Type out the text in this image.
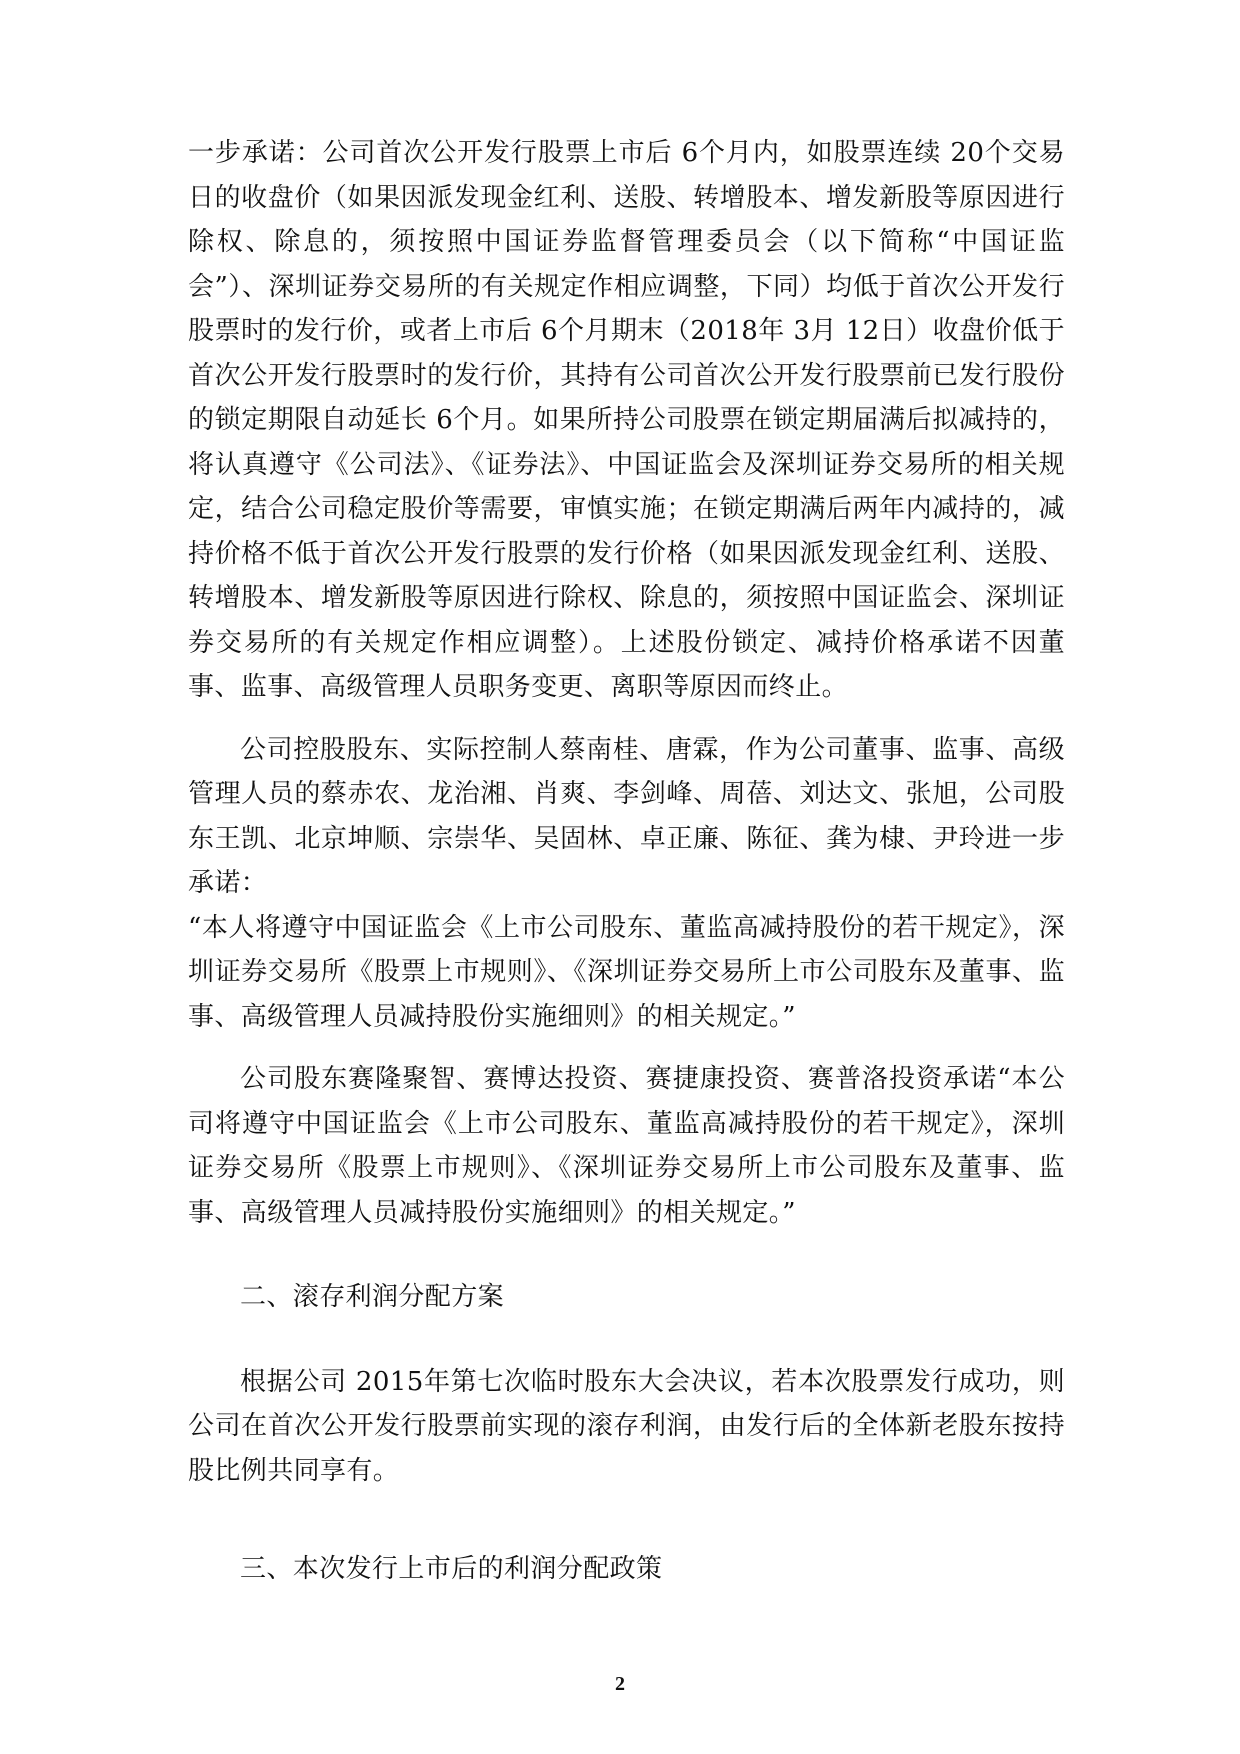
一步承诺：公司首次公开发行股票上市后 6个月内，如股票连续 20个交易日的收盘价（如果因派发现金红利、送股、转增股本、增发新股等原因进行除权、除息的，须按照中国证券监督管理委员会（以下简称“中国证监会”）、深圳证券交易所的有关规定作相应调整，下同）均低于首次公开发行股票时的发行价，或者上市后 6个月期末（2018年 3月 12日）收盘价低于首次公开发行股票时的发行价，其持有公司首次公开发行股票前已发行股份的锁定期限自动延长 6个月。如果所持公司股票在锁定期届满后拟减持的，将认真遵守《公司法》、《证券法》、中国证监会及深圳证券交易所的相关规定，结合公司稳定股价等需要，审慎实施；在锁定期满后两年内减持的，减持价格不低于首次公开发行股票的发行价格（如果因派发现金红利、送股、转增股本、增发新股等原因进行除权、除息的，须按照中国证监会、深圳证券交易所的有关规定作相应调整）。上述股份锁定、减持价格承诺不因董事、监事、高级管理人员职务变更、离职等原因而终止。

公司控股股东、实际控制人蔡南桂、唐霖，作为公司董事、监事、高级管理人员的蔡赤农、龙治湘、肖爽、李剑峰、周蓓、刘达文、张旭，公司股东王凯、北京坤顺、宗崇华、吴固林、卓正廉、陈征、龚为棣、尹玲进一步承诺：

“本人将遵守中国证监会《上市公司股东、董监高减持股份的若干规定》，深圳证券交易所《股票上市规则》、《深圳证券交易所上市公司股东及董事、监事、高级管理人员减持股份实施细则》的相关规定。”

公司股东赛隆聚智、赛博达投资、赛捷康投资、赛普洛投资承诺“本公司将遵守中国证监会《上市公司股东、董监高减持股份的若干规定》，深圳证券交易所《股票上市规则》、《深圳证券交易所上市公司股东及董事、监事、高级管理人员减持股份实施细则》的相关规定。”

二、滚存利润分配方案

根据公司 2015年第七次临时股东大会决议，若本次股票发行成功，则公司在首次公开发行股票前实现的滚存利润，由发行后的全体新老股东按持股比例共同享有。

三、本次发行上市后的利润分配政策

2
